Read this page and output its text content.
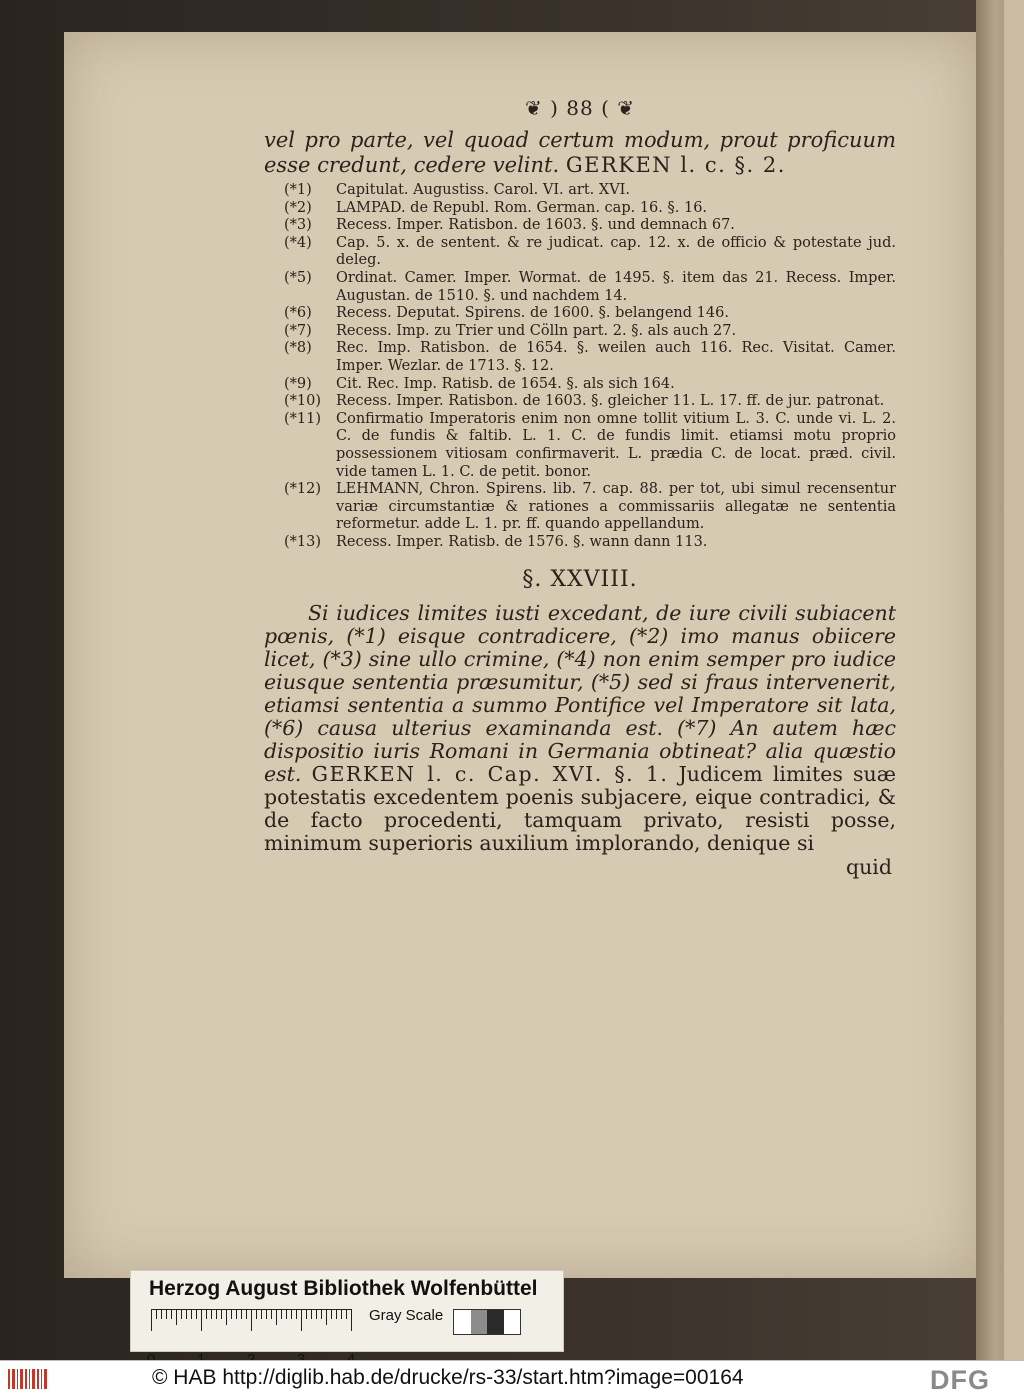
❦ ) 88 ( ❦
vel pro parte, vel quoad certum modum, prout proficuum esse credunt, cedere velint. GERKEN l. c. §. 2.
(*1)	Capitulat. Augustiss. Carol. VI. art. XVI.
(*2)	LAMPAD. de Republ. Rom. German. cap. 16. §. 16.
(*3)	Recess. Imper. Ratisbon. de 1603. §. und demnach 67.
(*4)	Cap. 5. x. de sentent. & re judicat. cap. 12. x. de officio & potestate jud. deleg.
(*5)	Ordinat. Camer. Imper. Wormat. de 1495. §. item das 21. Recess. Imper. Augustan. de 1510. §. und nachdem 14.
(*6)	Recess. Deputat. Spirens. de 1600. §. belangend 146.
(*7)	Recess. Imp. zu Trier und Cölln part. 2. §. als auch 27.
(*8)	Rec. Imp. Ratisbon. de 1654. §. weilen auch 116. Rec. Visitat. Camer. Imper. Wezlar. de 1713. §. 12.
(*9)	Cit. Rec. Imp. Ratisb. de 1654. §. als sich 164.
(*10)	Recess. Imper. Ratisbon. de 1603. §. gleicher 11. L. 17. ff. de jur. patronat.
(*11)	Confirmatio Imperatoris enim non omne tollit vitium L. 3. C. unde vi. L. 2. C. de fundis & faltib. L. 1. C. de fundis limit. etiamsi motu proprio possessionem vitiosam confirmaverit. L. prædia C. de locat. præd. civil. vide tamen L. 1. C. de petit. bonor.
(*12)	LEHMANN, Chron. Spirens. lib. 7. cap. 88. per tot, ubi simul recensentur variæ circumstantiæ & rationes a commissariis allegatæ ne sententia reformetur. adde L. 1. pr. ff. quando appellandum.
(*13)	Recess. Imper. Ratisb. de 1576. §. wann dann 113.
§. XXVIII.
Si iudices limites iusti excedant, de iure civili subiacent pœnis, (*1) eisque contradicere, (*2) imo manus obiicere licet, (*3) sine ullo crimine, (*4) non enim semper pro iudice eiusque sententia præsumitur, (*5) sed si fraus intervenerit, etiamsi sententia a summo Pontifice vel Imperatore sit lata, (*6) causa ulterius examinanda est. (*7) An autem hæc dispositio iuris Romani in Germania obtineat? alia quæstio est. GERKEN l. c. Cap. XVI. §. 1. Judicem limites suæ potestatis excedentem poenis subjacere, eique contradici, & de facto procedenti, tamquam privato, resisti posse, minimum superioris auxilium implorando, denique si
quid
Herzog August Bibliothek Wolfenbüttel
Gray Scale
© HAB http://diglib.hab.de/drucke/rs-33/start.htm?image=00164	DFG
